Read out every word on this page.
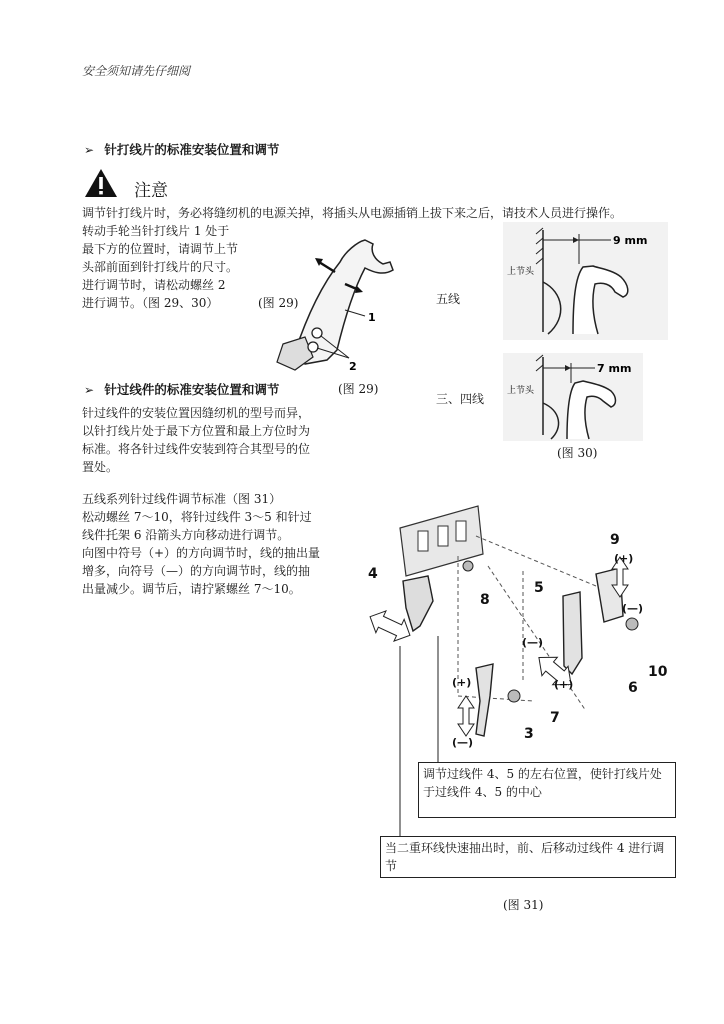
安全须知请先仔细阅
➢ 针打线片的标准安装位置和调节
注意
调节针打线片时，务必将缝纫机的电源关掉，将插头从电源插销上拔下来之后，请技术人员进行操作。
转动手轮当针打线片 1 处于
最下方的位置时，请调节上节
头部前面到针打线片的尺寸。
进行调节时，请松动螺丝 2
进行调节。（图 29、30）	(图 29)
1
2
(图 29)
五线
三、四线
9 mm
上节头
7 mm
上节头
(图 30)
➢ 针过线件的标准安装位置和调节
针过线件的安装位置因缝纫机的型号而异，
以针打线片处于最下方位置和最上方位时为
标准。将各针过线件安装到符合其型号的位
置处。
五线系列针过线件调节标准（图 31）
松动螺丝 7～10，将针过线件 3～5 和针过
线件托架 6 沿箭头方向移动进行调节。
向图中符号（+）的方向调节时，线的抽出量
增多，向符号（—）的方向调节时，线的抽
出量减少。调节后，请拧紧螺丝 7～10。
4
8
9
5
6
10
7
3
(+)
(—)
(—)
(+)
(+)
(—)
调节过线件 4、5 的左右位置，使针打线片处于过线件 4、5 的中心
当二重环线快速抽出时，前、后移动过线件 4 进行调节
(图 31)
